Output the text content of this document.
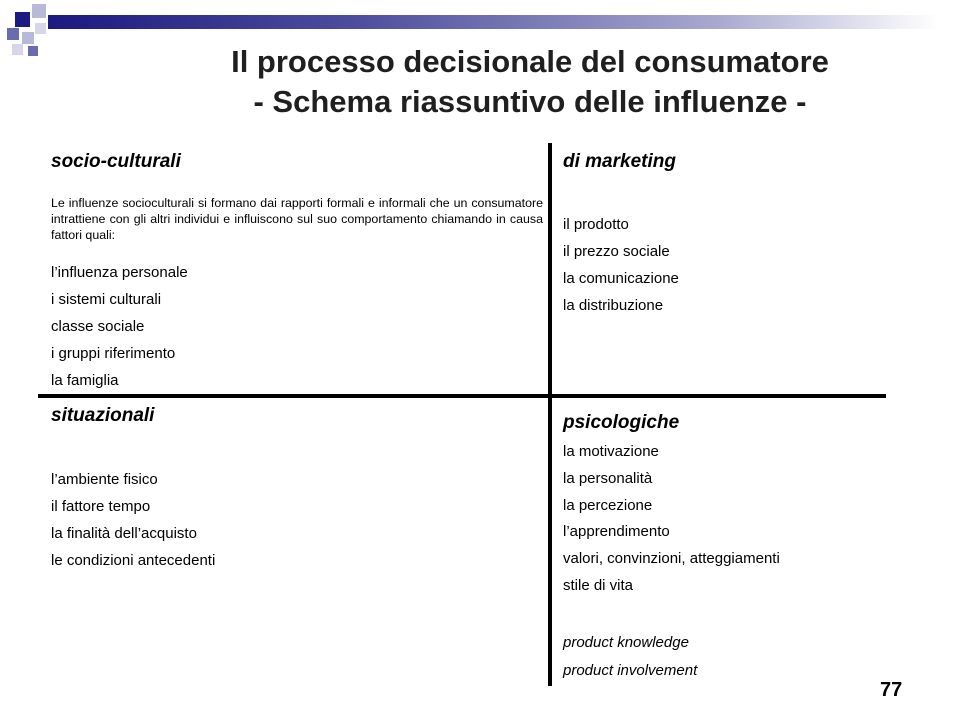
Il processo decisionale del consumatore
- Schema riassuntivo delle influenze -
socio-culturali

Le influenze socioculturali si formano dai rapporti formali e informali che un consumatore intrattiene con gli altri individui e influiscono sul suo comportamento chiamando in causa fattori quali:

l’influenza personale
i sistemi culturali
classe sociale
i gruppi riferimento
la famiglia
di marketing
il prodotto
il prezzo sociale
la comunicazione
la distribuzione
situazionali
l’ambiente fisico
il fattore tempo
la finalità dell’acquisto
le condizioni antecedenti
psicologiche
la motivazione
la personalità
la percezione
l’apprendimento
valori, convinzioni, atteggiamenti
stile di vita
product knowledge
product involvement
77
